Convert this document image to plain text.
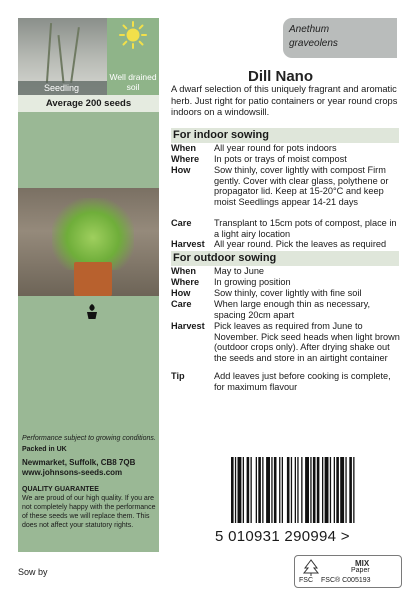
Seedling
Well drained
soil
Average 200 seeds
Performance subject to growing conditions.
Packed in UK
Newmarket, Suffolk, CB8 7QB
www.johnsons-seeds.com
QUALITY GUARANTEE
We are proud of our high quality. If you are not completely happy with the performance of these seeds we will replace them. This does not affect your statutory rights.
Anethum
graveolens
Dill Nano
A dwarf selection of this uniquely fragrant and aromatic herb. Just right for patio containers or year round crops indoors on a windowsill.
For indoor sowing
When	All year round for pots indoors
Where	In pots or trays of moist compost
How	Sow thinly, cover lightly with compost Firm gently. Cover with clear glass, polythene or propagator lid. Keep at 15-20°C and keep moist Seedlings appear 14-21 days
Care	Transplant to 15cm pots of compost, place in a light airy location
Harvest	All year round. Pick the leaves as required
For outdoor sowing
When	May to June
Where	In growing position
How	Sow thinly, cover lightly with fine soil
Care	When large enough thin as necessary, spacing 20cm apart
Harvest	Pick leaves as required from June to November. Pick seed heads when light brown (outdoor crops only). After drying shake out the seeds and store in an airtight container
Tip	Add leaves just before cooking is complete, for maximum flavour
5 010931 290994 >
Sow by
FSC
MIX
Paper
FSC® C005193
